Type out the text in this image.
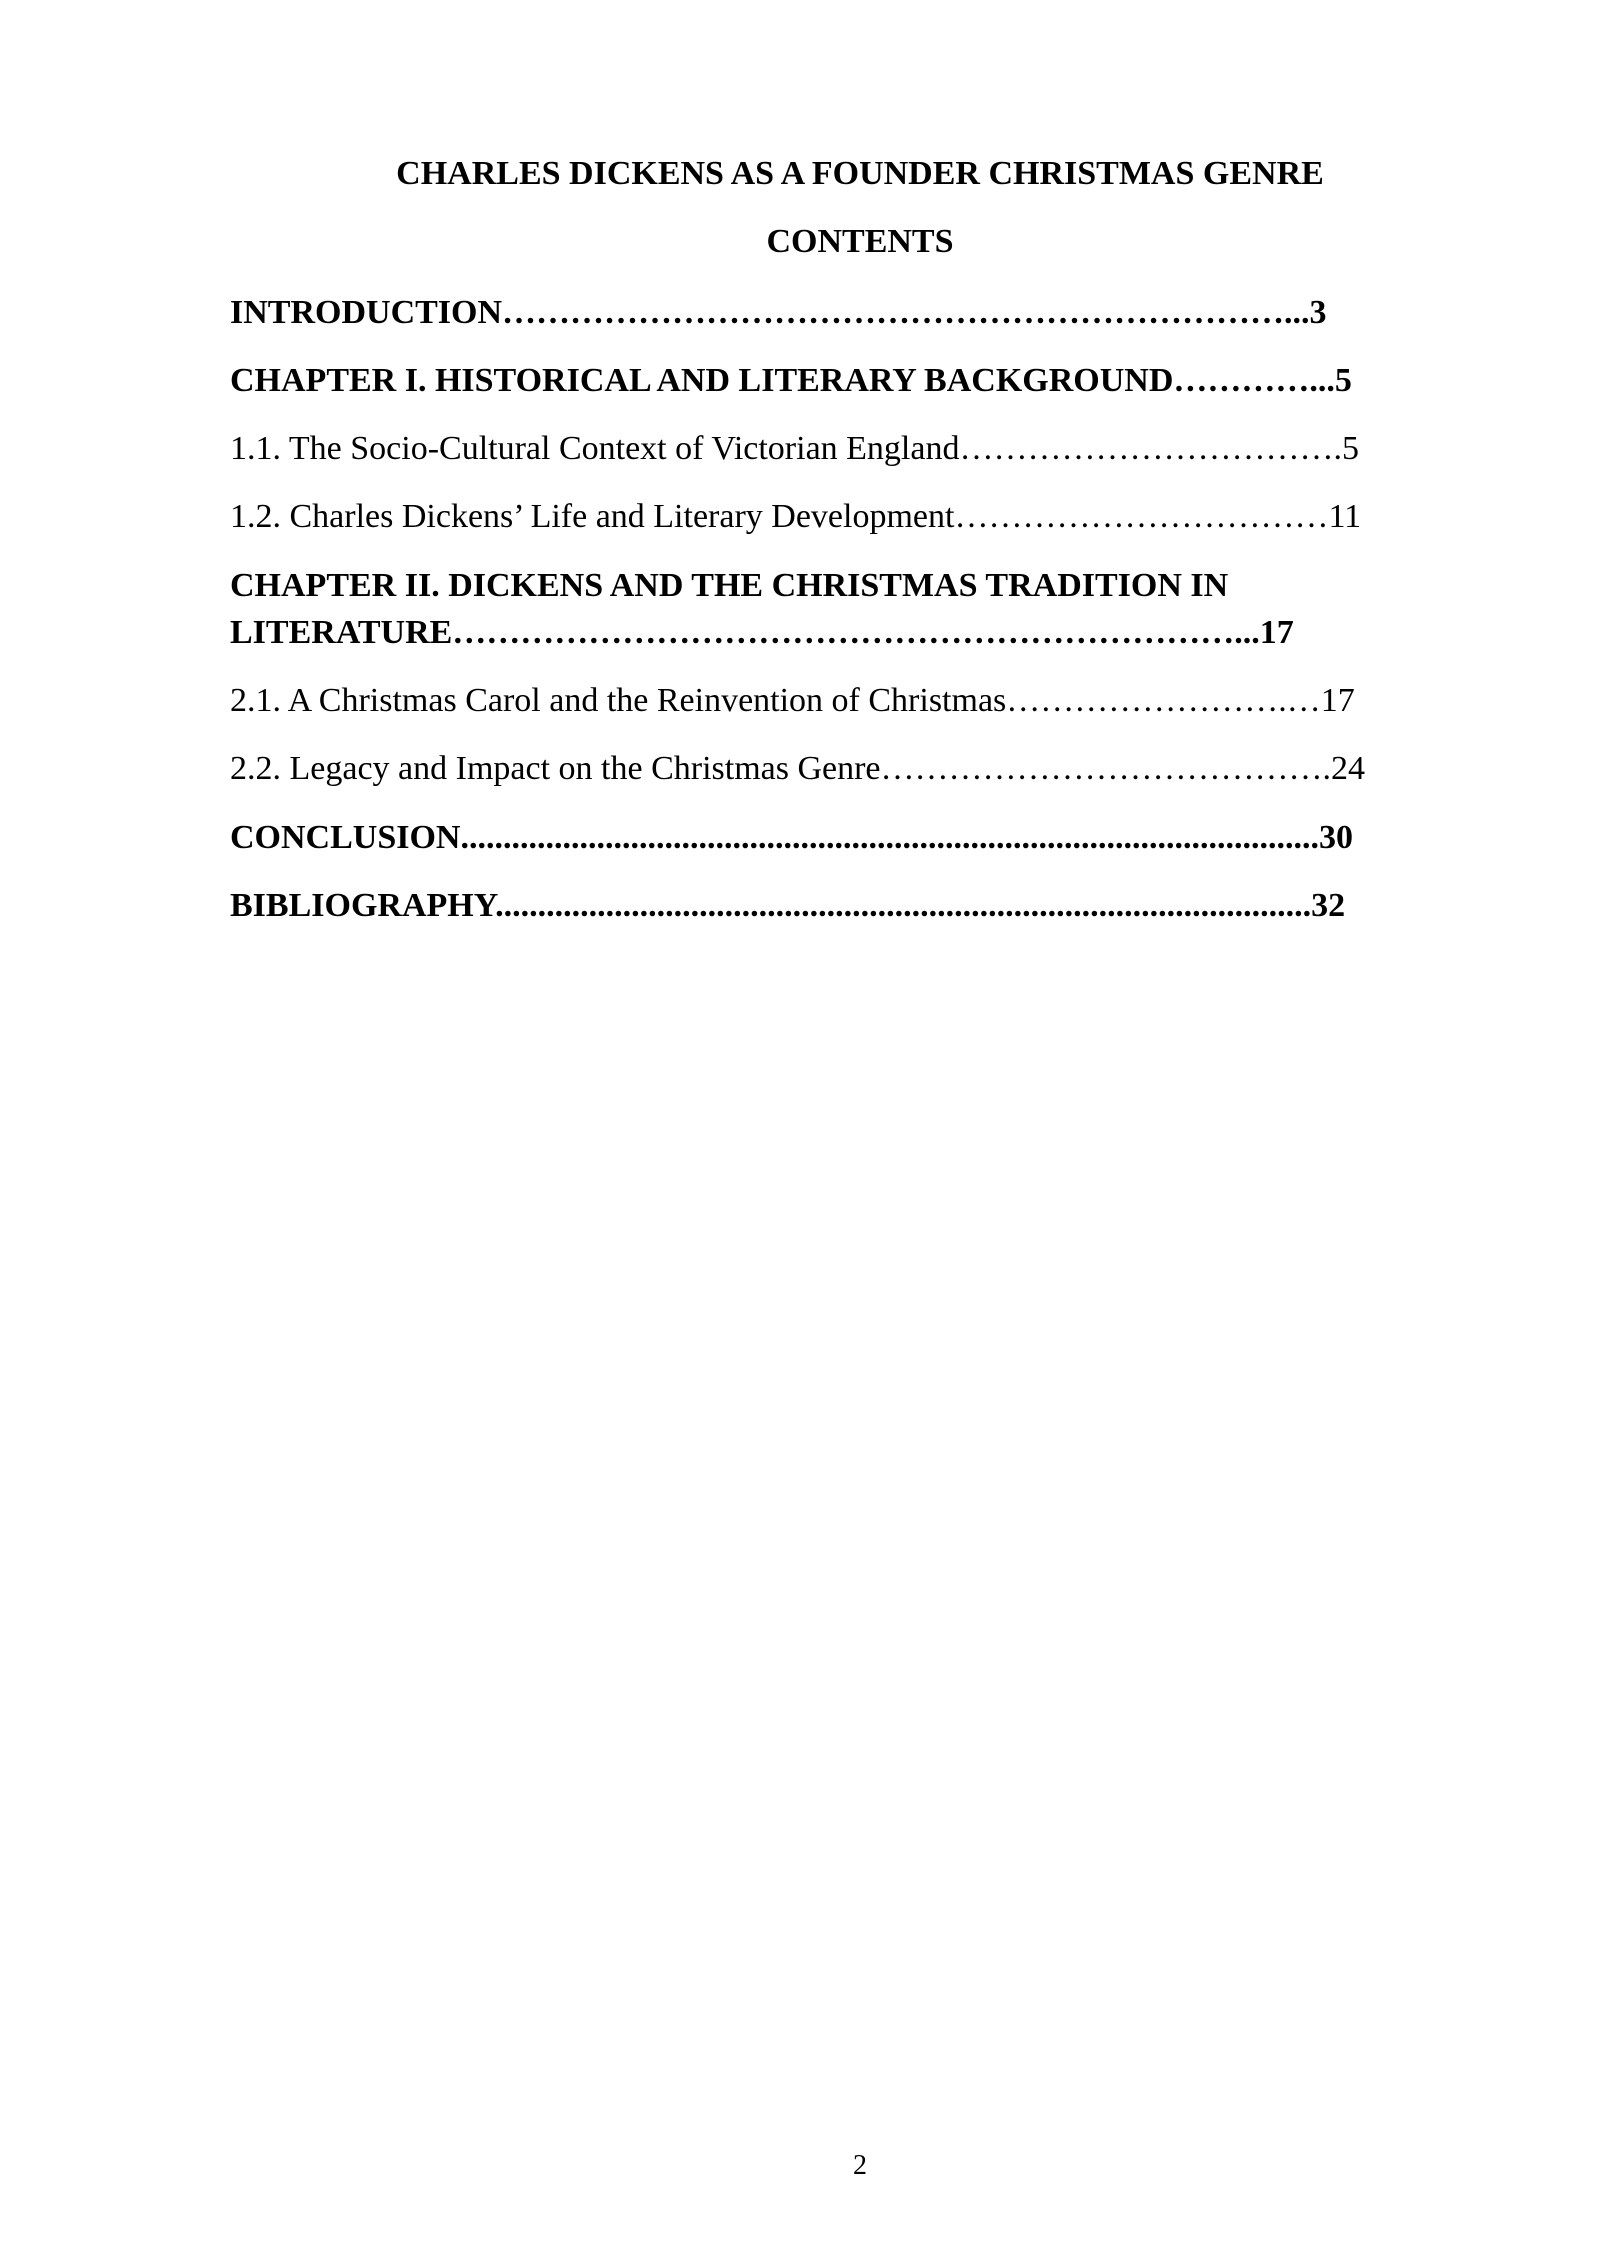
CHARLES DICKENS AS A FOUNDER CHRISTMAS GENRE
CONTENTS
INTRODUCTION……………………………………………………………...3
CHAPTER I. HISTORICAL AND LITERARY BACKGROUND…………...5
1.1. The Socio-Cultural Context of Victorian England…………………………….5
1.2. Charles Dickens’ Life and Literary Development……………………………11
CHAPTER II. DICKENS AND THE CHRISTMAS TRADITION IN
LITERATURE……………………………………………………………...17
2.1. A Christmas Carol and the Reinvention of Christmas…………………….…17
2.2. Legacy and Impact on the Christmas Genre………………………………….24
CONCLUSION.....................................................................................................30
BIBLIOGRAPHY................................................................................................32
2
